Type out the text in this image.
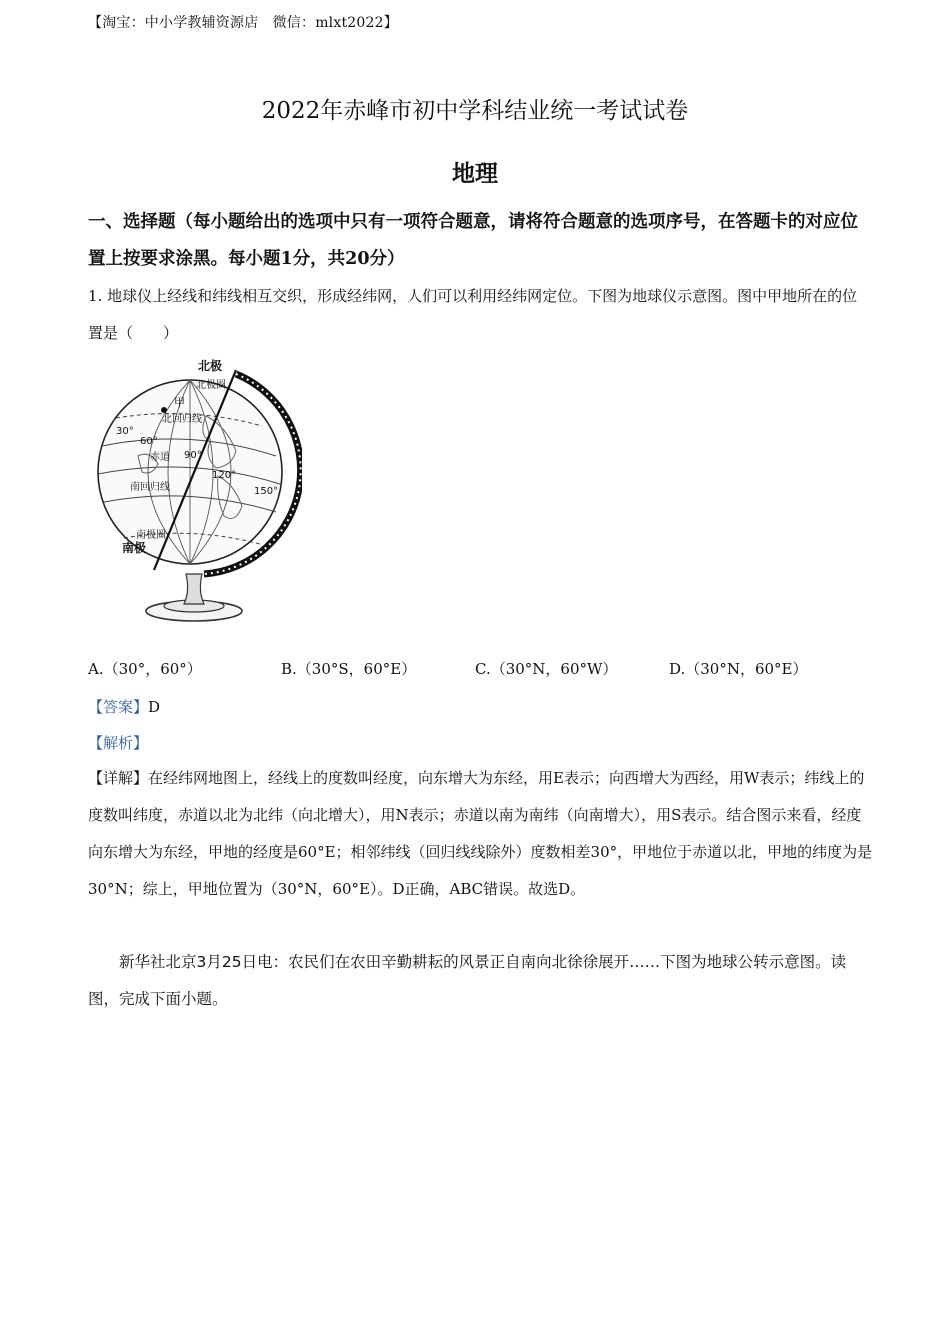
【淘宝：中小学教辅资源店　微信：mlxt2022】
2022年赤峰市初中学科结业统一考试试卷
地理
一、选择题（每小题给出的选项中只有一项符合题意，请将符合题意的选项序号，在答题卡的对应位置上按要求涂黑。每小题1分，共20分）
1. 地球仪上经线和纬线相互交织，形成经纬网，人们可以利用经纬网定位。下图为地球仪示意图。图中甲地所在的位置是（　　）
北极
北极圈
甲
北回归线
30°
60°
赤道 90°
120°
150°
南回归线
南极圈
南极
A.（30°，60°）	B.（30°S，60°E）	C.（30°N，60°W）	D.（30°N，60°E）
【答案】D
【解析】
【详解】在经纬网地图上，经线上的度数叫经度，向东增大为东经，用E表示；向西增大为西经，用W表示；纬线上的度数叫纬度，赤道以北为北纬（向北增大），用N表示；赤道以南为南纬（向南增大），用S表示。结合图示来看，经度向东增大为东经，甲地的经度是60°E；相邻纬线（回归线线除外）度数相差30°，甲地位于赤道以北，甲地的纬度为是30°N；综上，甲地位置为（30°N，60°E）。D正确，ABC错误。故选D。
新华社北京3月25日电：农民们在农田辛勤耕耘的风景正自南向北徐徐展开……下图为地球公转示意图。读图，完成下面小题。
